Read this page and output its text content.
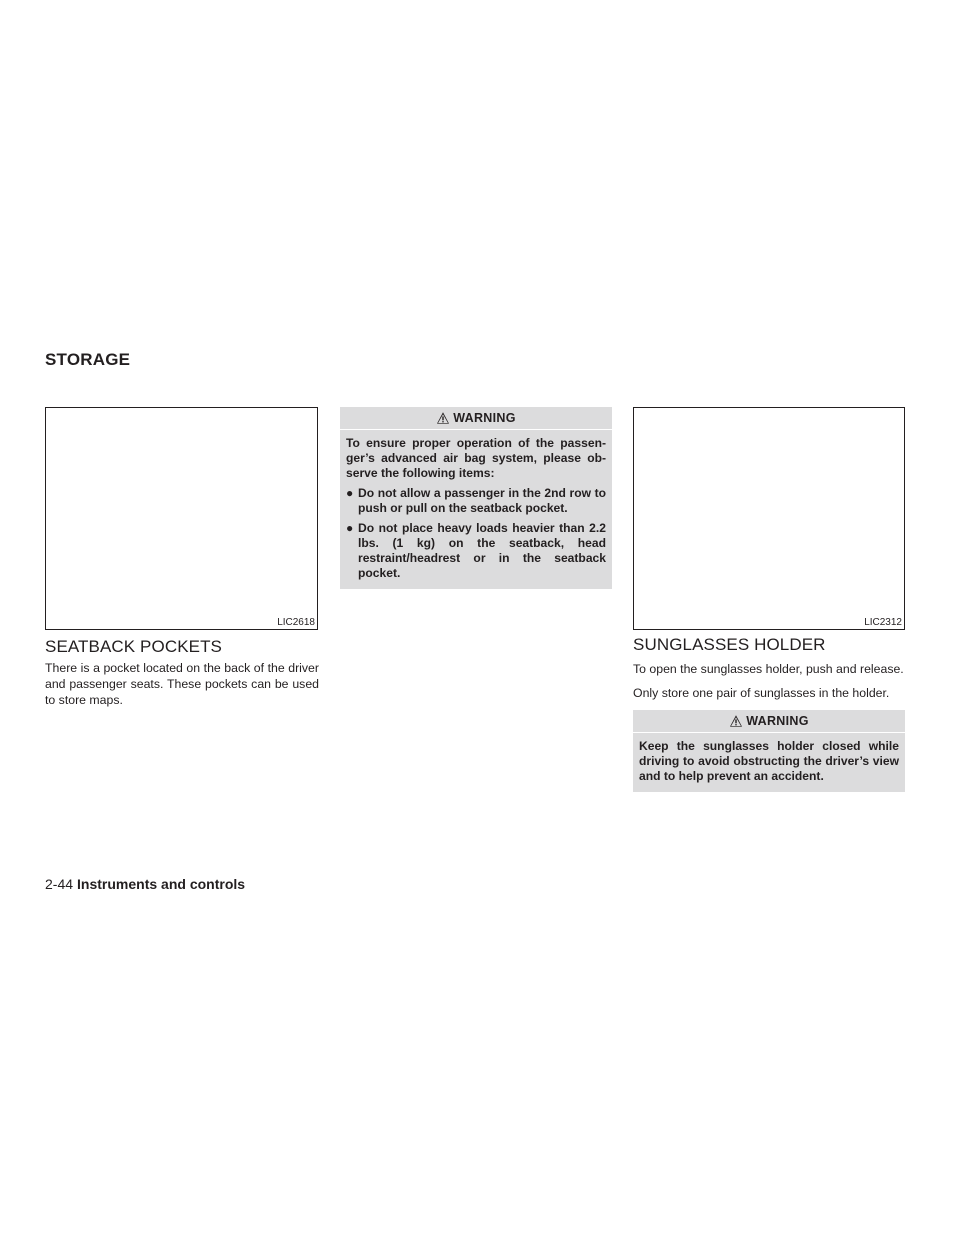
STORAGE
LIC2618
SEATBACK POCKETS

There is a pocket located on the back of the driver and passenger seats. These pockets can be used to store maps.

WARNING

To ensure proper operation of the passenger’s advanced air bag system, please observe the following items:

● Do not allow a passenger in the 2nd row to push or pull on the seatback pocket.
● Do not place heavy loads heavier than 2.2 lbs. (1 kg) on the seatback, head restraint/headrest or in the seatback pocket.
LIC2312
SUNGLASSES HOLDER

To open the sunglasses holder, push and release.

Only store one pair of sunglasses in the holder.

WARNING

Keep the sunglasses holder closed while driving to avoid obstructing the driver’s view and to help prevent an accident.

2-44 Instruments and controls
